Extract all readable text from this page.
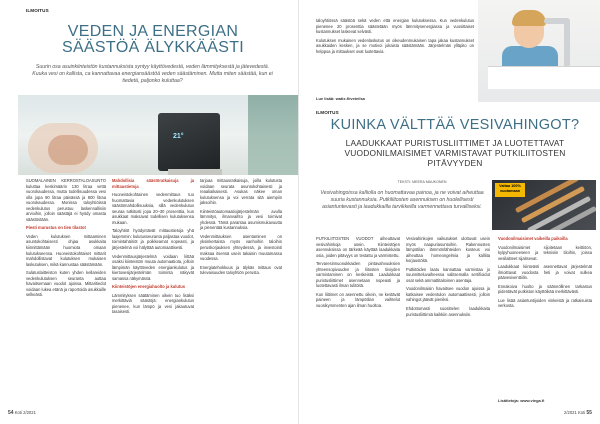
ILMOITUS
VEDEN JA ENERGIAN SÄÄSTÖÄ ÄLYKKÄÄSTI
Suurin osa asuinkiinteistön kustannuksista syntyy käyttövedestä, veden lämmityksestä ja jätevedestä. Kuuka vesi on kallista, ca kannattavaa energiansäästöä veden säästäminen. Mutta miten säästää, kun ei tiedetä, paljonko kuluttaa?
21°

SUOMALAINEN KERROSTALOASUNTO kuluttaa keskimäärin 130 litraa vettä vuorokaudessa, mutta todellisuudessa vesi olla jopa 90 litraa päivässä ja 800 litraa vuorokaudessa. Monissa taloyhtiöissä vedenkulutus perustuu laskennallisiin arvioihin, jolloin säästäjä ei hyödy omasta säästöstään.

Piesti murustus on tien tilastot

Veden kulutuksen mittaaminen asuntokohtaisesti ohjaa asukkaita kiinnittämään huomiota omaan kulutukseensa. Huoneistokohtaiset mittarit mahdollistavat kulutuksen mukaisen laskutuksen, mikä kannustaa säästämään.

Sulatuslaitteiston kuten yhden kellareiden vedenkulutuksen seuranta auttaa havaitsemaan vuodot ajoissa. Mittaritiedot voidaan lukea etänä ja raportoida asukkaille selkeästi.

Mahdollisia säästöratkaisuja ja mittaustietoja

Huoneistokohtainen vedenmittaus tuo huomattavia vedenkulutuksen säästömahdollisuuksia, sillä vedenkulutus seuraa tutkitusti jopa 20–30 prosenttia, kun asukkaat maksavat todellisen kulutuksensa mukaan.

Taloyhtiöt hyödyntävät mittaustietoja yhä laajemmin: kulutusseuranta paljastaa vuodot, toimintahäiriöt ja poikkeamat nopeasti, ja järjestelmä voi hälyttää automaattisesti.

Vedenmittausjärjestelmä voidaan liittää osaksi kiinteistön muuta automaatiota, jolloin lämpimän käyttöveden energiankulutus ja kiertovesijärjestelmän toiminta näkyvät samassa näkymässä.

Kiinteistöjen energiahuolto ja kulutus

Lämmityksen säätäminen oikein tuo lisäksi merkittäviä säästöjä: energiankulutus pienenee, kun lämpö ja vesi jakautuvat tasaisesti.

tarjoaa mittausratkaisuja, joilla kulutusta voidaan seurata asuntokohtaisesti ja reaaliaikaisesti. Asukas näkee oman kulutuksensa ja voi verrata sitä aiempiin jaksoihin.

Kiinteistöautomaatiojärjestelmän avulla lämmitys, ilmanvaihto ja vesi toimivat yhdessä. Tämä parantaa asumismukavuutta ja pienentää kustannuksia.

Vedenmittauksen asentaminen on yksinkertaista myös vanhoihin taloihin peruskorjauksen yhteydessä, ja investointi maksaa itsensä usein takaisin muutamassa vuodessa.

Energiatehokkuus ja älykäs mittaus ovat tulevaisuuden taloyhtiön perusta.

54 Koti 2/2021

taloyhtiössä säästöä sekä veden että energian kulutuksessa. Kun vedenkulutus pienenee 20 prosenttia säästetään myös lämmitysenergiassa ja vuosittaiset kustannukset laskevat selvästi.

Kulutuksen mukainen vedenlaskutus on oikeudenmukainen tapa jakaa kustannukset asukkaiden kesken, ja se motivoi jokaista säästämään. Järjestelmän ylläpito on helppoa ja mittaukset ovat luotettavia.

Lue lisää: watix.fi/veteilsa
ILMOITUS
KUINKA VÄLTTÄÄ VESIVAHINGOT?
LAADUKKAAT PURISTUSLIITTIMET JA LUOTETTAVAT VUODONILMAISIMET VARMISTAVAT PUTKILIITOSTEN PITÄVYYDEN
TEKSTI: MEERA MAUKONEN
Vesivahingoissa kalliolla on huomattavaa painoa, ja ne voivat aiheuttaa suuria kustannuksia. Putkiliitosten asennuksen on huolellisesti asiantuntevasti ja laadukkailla tarvikkeilla varmennettava turvalliseksi.
Valtaa 100% vuotamaan

PUTKILIITOSTEN VUODOT aiheuttavat vesivahinkoja usein. Kiinteistöjen asennuksissa on tärkeää käyttää laadukkaita osia, joiden pitävyys on testattu ja varmistettu.

Tervaresinnuonukkaiden pintavahvuuksien yhteensopivuuden ja liitosten tiiviyden varmistaminen on keskeistä. Laadukkaat puristusliittimet asennetaan nopeasti ja luotettavasti ilman tulitöitä.

Kun liittimet on asennettu oikein, ne kestävät paineen ja lämpötilan vaihtelut vuosikymmenten ajan ilman huoltoa.

Vesivahinkojen vaikutukset ulottuvat usein myös naapuriasuntoihin. Rakennusten lämpötilan lämmönlähteiden kosteus voi aiheuttaa homeongelmia ja kalliita korjaustöitä.

Putkitöiden laatu kannattaa varmistaa jo suunnitteluvaiheessa valitsemalla sertifioidut osat sekä ammattitaitoinen asentaja.

Vuodonilmaisin havaitsee vuodon ajoissa ja katkaisee vedentulon automaattisesti, jolloin vahingot jäävät pieniksi.

Ehdottomasti suosittelen laadukkaita puristusliittimiä kaikkiin asennuksiin.

Vuodonilmaisimet vaikeilla paikoilla

Vuodonilmaisimet sijoitetaan keittiöön, kylpyhuoneeseen ja teknisiin tiloihin, joissa vesilaitteet sijaitsevat.

Laadukkaat kiinteästi asennettavat järjestelmät ilmoittavat vuodosta heti ja voivat sulkea päävesiventtiilin.

Ennakoiva huolto ja säännöllinen tarkastus pidentävät putkiston käyttöikää merkittävästi.

Lue lisää asiantuntijoiden vinkeistä ja ratkaisuista verkosta.

Lisätietoja: www.viega.fi
2/2021 Koti 55
